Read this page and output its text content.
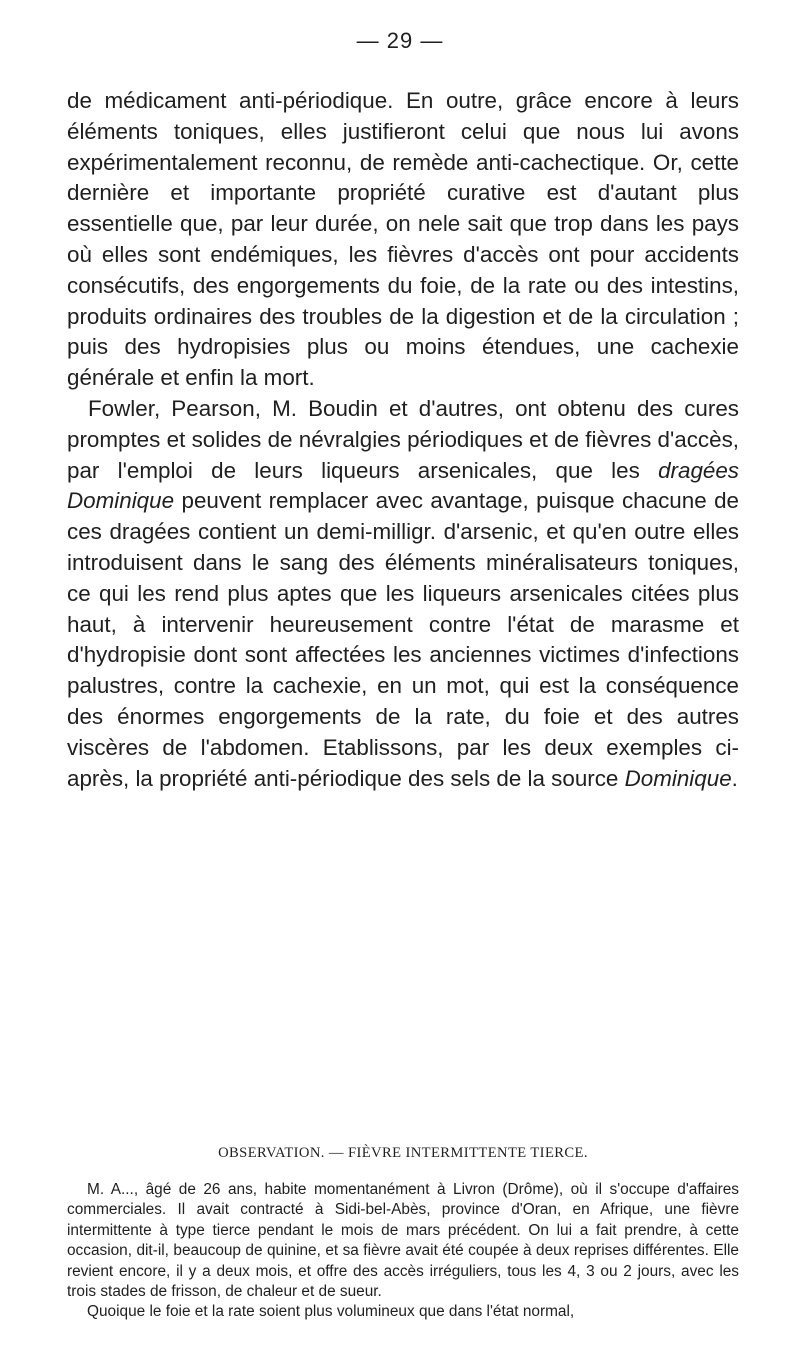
— 29 —

de médicament anti-périodique. En outre, grâce encore à leurs éléments toniques, elles justifieront celui que nous lui avons expérimentalement reconnu, de remède anti-cachectique. Or, cette dernière et importante propriété curative est d'autant plus essentielle que, par leur durée, on nele sait que trop dans les pays où elles sont endémiques, les fièvres d'accès ont pour accidents consécutifs, des engorgements du foie, de la rate ou des intestins, produits ordinaires des troubles de la digestion et de la circulation ; puis des hydropisies plus ou moins étendues, une cachexie générale et enfin la mort.

Fowler, Pearson, M. Boudin et d'autres, ont obtenu des cures promptes et solides de névralgies périodiques et de fièvres d'accès, par l'emploi de leurs liqueurs arsenicales, que les dragées Dominique peuvent remplacer avec avantage, puisque chacune de ces dragées contient un demi-milligr. d'arsenic, et qu'en outre elles introduisent dans le sang des éléments minéralisateurs toniques, ce qui les rend plus aptes que les liqueurs arsenicales citées plus haut, à intervenir heureusement contre l'état de marasme et d'hydropisie dont sont affectées les anciennes victimes d'infections palustres, contre la cachexie, en un mot, qui est la conséquence des énormes engorgements de la rate, du foie et des autres viscères de l'abdomen. Etablissons, par les deux exemples ci-après, la propriété anti-périodique des sels de la source Dominique.

OBSERVATION. — FIÈVRE INTERMITTENTE TIERCE.

M. A..., âgé de 26 ans, habite momentanément à Livron (Drôme), où il s'occupe d'affaires commerciales. Il avait contracté à Sidi-bel-Abès, province d'Oran, en Afrique, une fièvre intermittente à type tierce pendant le mois de mars précédent. On lui a fait prendre, à cette occasion, dit-il, beaucoup de quinine, et sa fièvre avait été coupée à deux reprises différentes. Elle revient encore, il y a deux mois, et offre des accès irréguliers, tous les 4, 3 ou 2 jours, avec les trois stades de frisson, de chaleur et de sueur.

Quoique le foie et la rate soient plus volumineux que dans l'état normal,
